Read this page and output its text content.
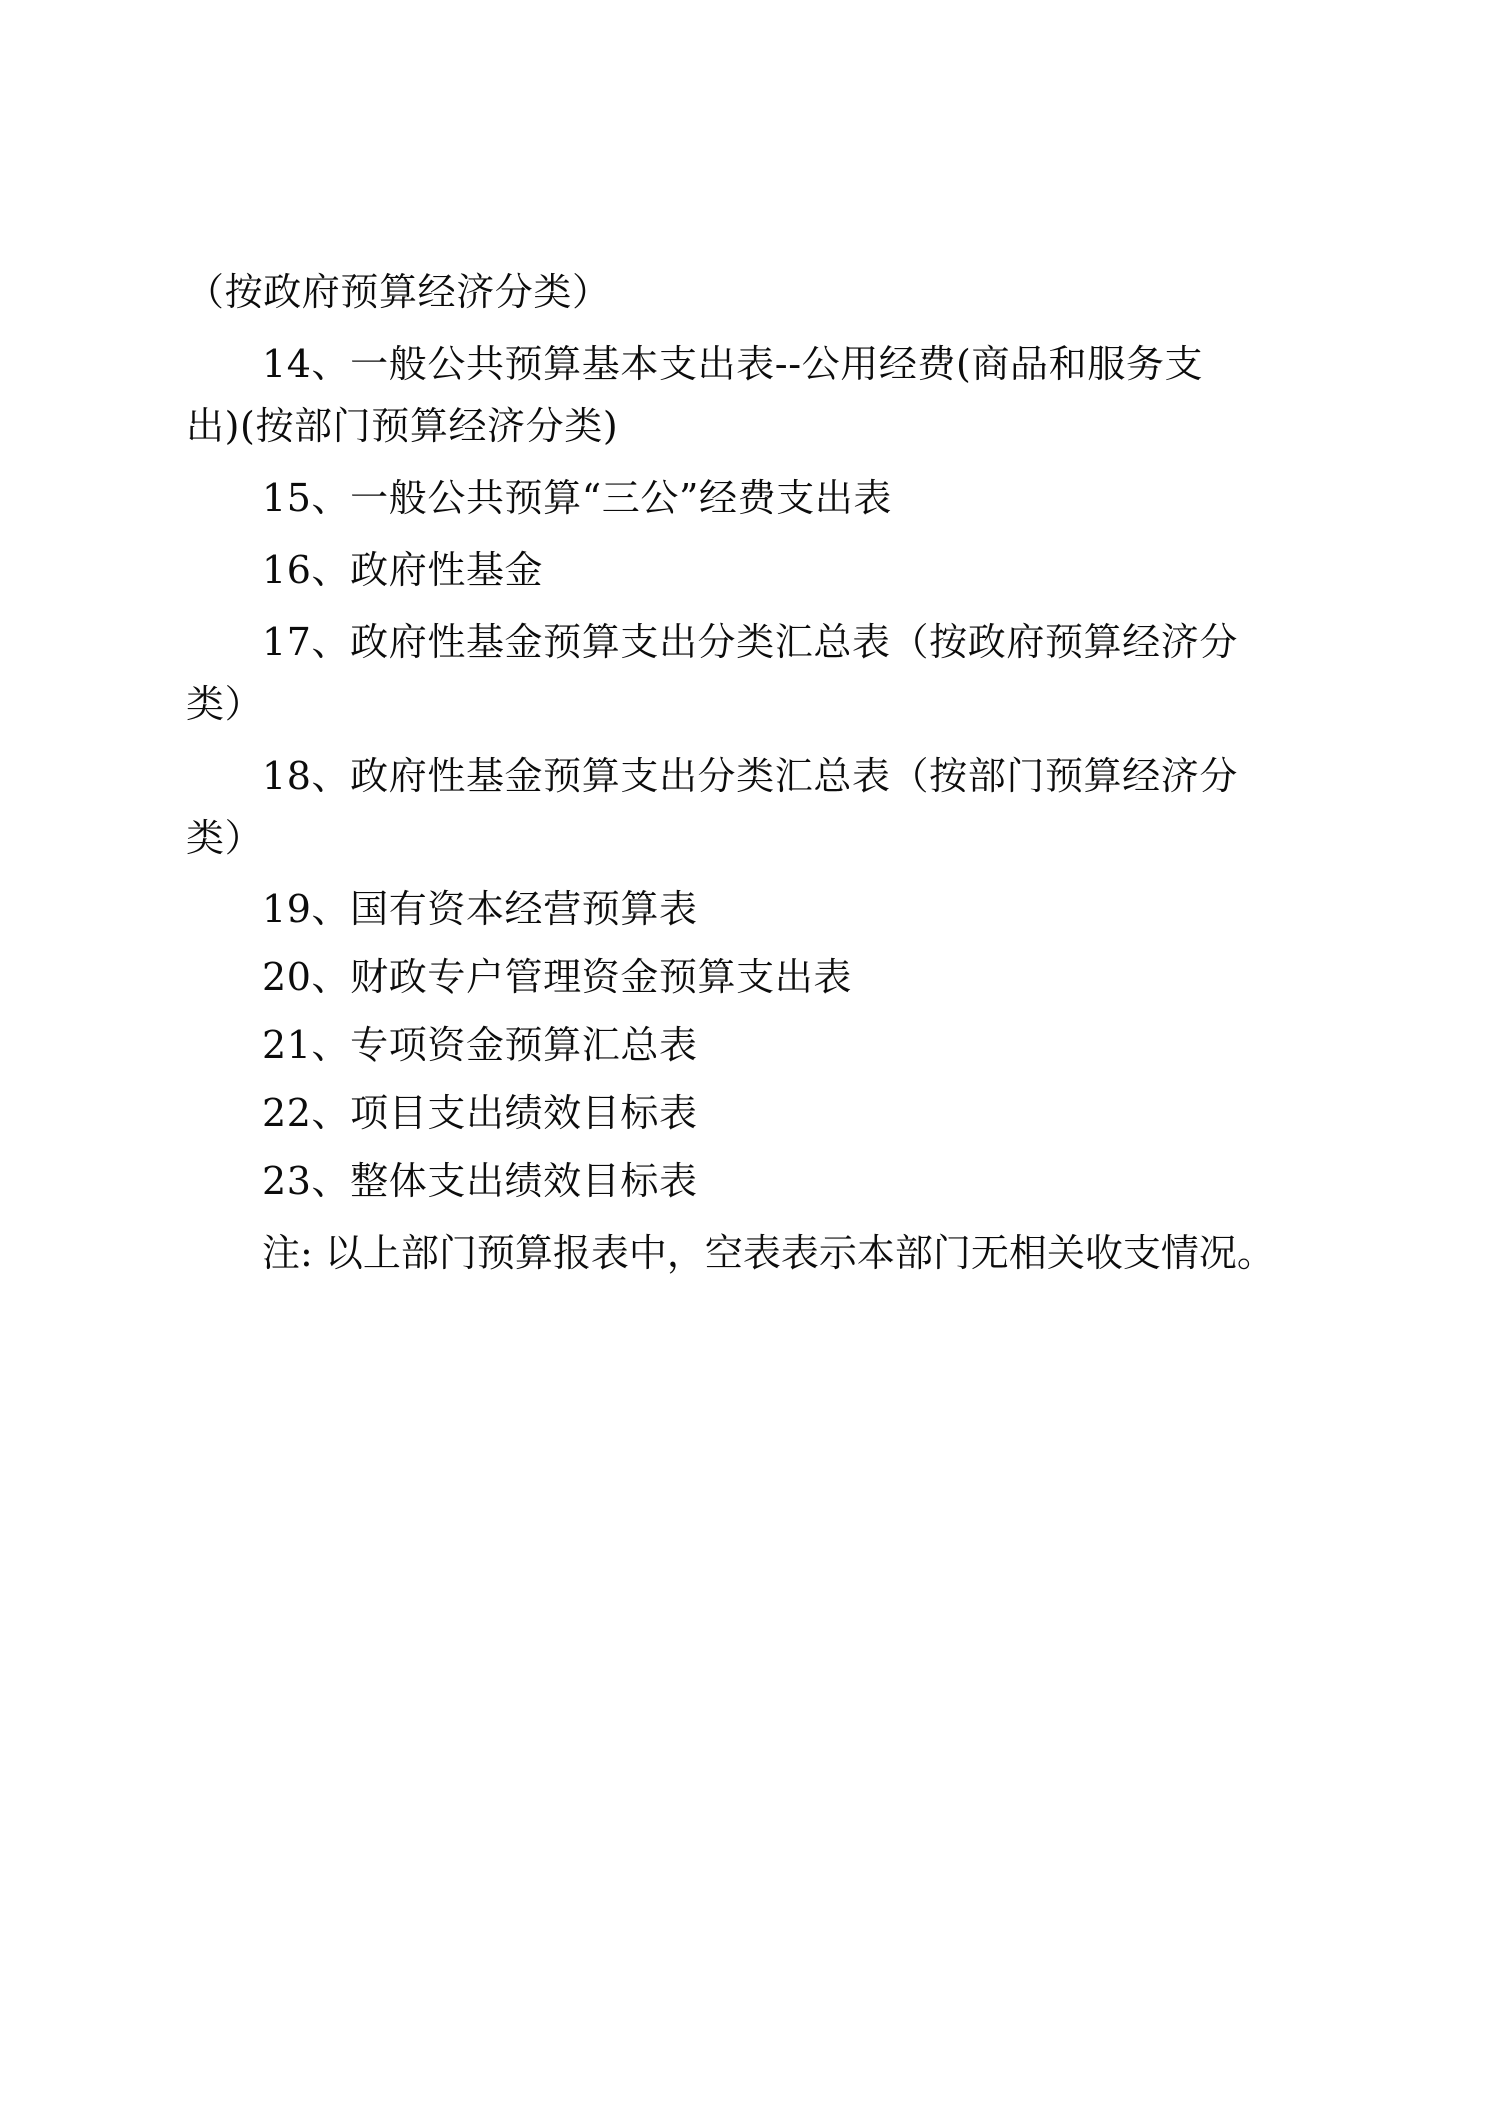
（按政府预算经济分类）

14、一般公共预算基本支出表--公用经费(商品和服务支

出)(按部门预算经济分类)

15、一般公共预算“三公”经费支出表

16、政府性基金

17、政府性基金预算支出分类汇总表（按政府预算经济分

类）

18、政府性基金预算支出分类汇总表（按部门预算经济分

类）

19、国有资本经营预算表

20、财政专户管理资金预算支出表

21、专项资金预算汇总表

22、项目支出绩效目标表

23、整体支出绩效目标表

注: 以上部门预算报表中，空表表示本部门无相关收支情况。
